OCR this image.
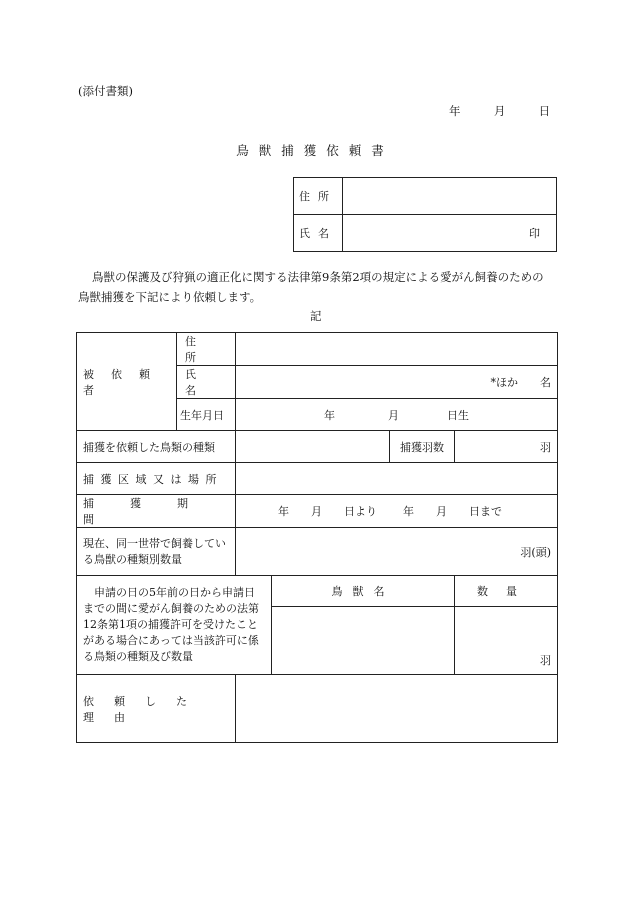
(添付書類)
年	月	日
鳥獣捕獲依頼書
住所	
氏名	印
鳥獣の保護及び狩猟の適正化に関する法律第9条第2項の規定による愛がん飼養のための
鳥獣捕獲を下記により依頼します。
記
被依頼者	住所				

	氏名	*ほか　　名			
	生年月日	年 月 日生			

捕獲を依頼した鳥類の種類				捕獲羽数	羽

捕獲区域又は場所					

捕獲期間		年　　月　　日より 年　　月　　日まで			

現在、同一世帯で飼養している鳥獣の種類別数量		羽(頭)			

申請の日の5年前の日から申請日までの間に愛がん飼養のための法第12条第1項の捕獲許可を受けたことがある場合にあっては当該許可に係る鳥類の種類及び数量			鳥獣名		数量
					羽

依頼した理由					
